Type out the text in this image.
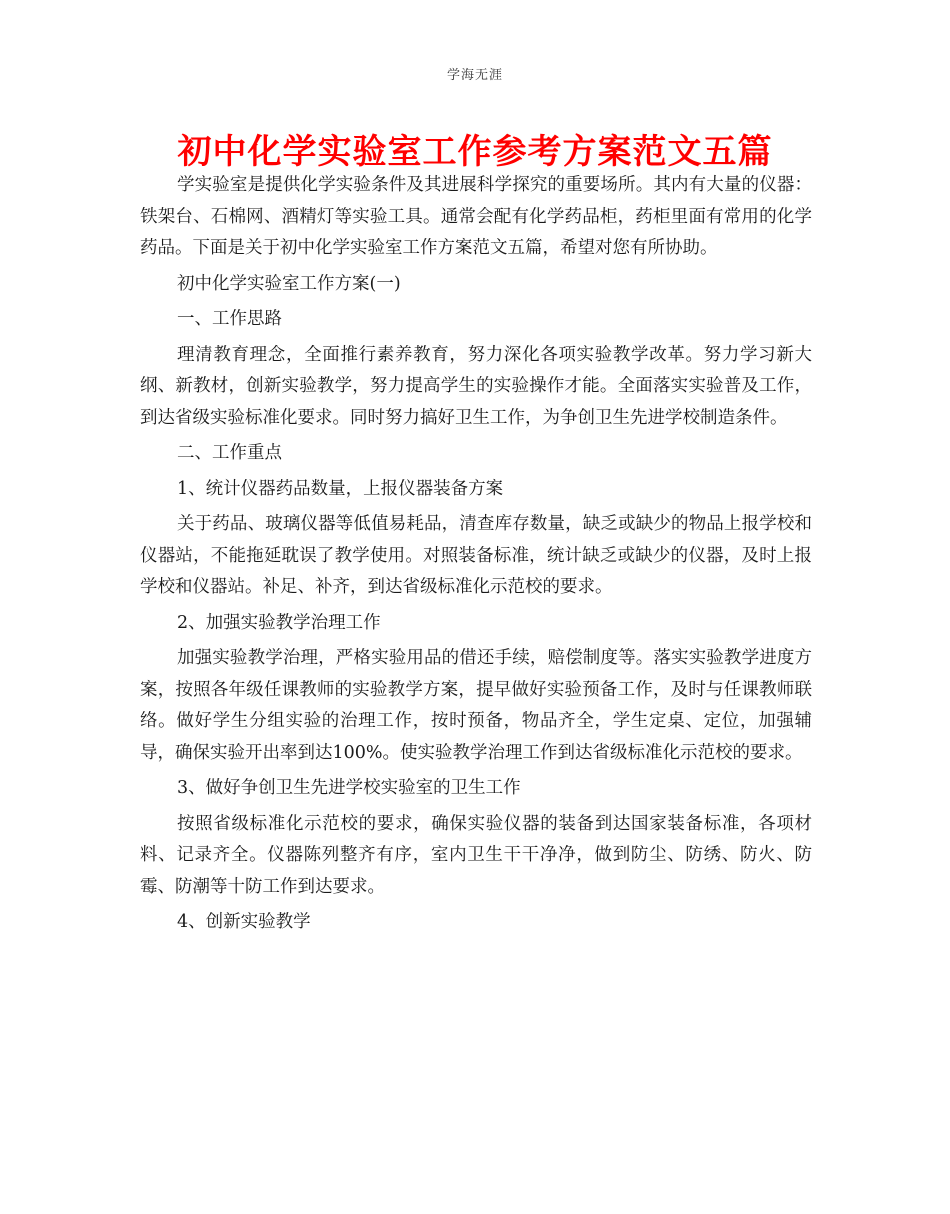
学海无涯
初中化学实验室工作参考方案范文五篇

学实验室是提供化学实验条件及其进展科学探究的重要场所。其内有大量的仪器：铁架台、石棉网、酒精灯等实验工具。通常会配有化学药品柜，药柜里面有常用的化学药品。下面是关于初中化学实验室工作方案范文五篇，希望对您有所协助。

初中化学实验室工作方案(一)

一、工作思路

理清教育理念，全面推行素养教育，努力深化各项实验教学改革。努力学习新大纲、新教材，创新实验教学，努力提高学生的实验操作才能。全面落实实验普及工作，到达省级实验标准化要求。同时努力搞好卫生工作，为争创卫生先进学校制造条件。

二、工作重点

1、统计仪器药品数量，上报仪器装备方案

关于药品、玻璃仪器等低值易耗品，清查库存数量，缺乏或缺少的物品上报学校和仪器站，不能拖延耽误了教学使用。对照装备标准，统计缺乏或缺少的仪器，及时上报学校和仪器站。补足、补齐，到达省级标准化示范校的要求。

2、加强实验教学治理工作

加强实验教学治理，严格实验用品的借还手续，赔偿制度等。落实实验教学进度方案，按照各年级任课教师的实验教学方案，提早做好实验预备工作，及时与任课教师联络。做好学生分组实验的治理工作，按时预备，物品齐全，学生定桌、定位，加强辅导，确保实验开出率到达100%。使实验教学治理工作到达省级标准化示范校的要求。

3、做好争创卫生先进学校实验室的卫生工作

按照省级标准化示范校的要求，确保实验仪器的装备到达国家装备标准，各项材料、记录齐全。仪器陈列整齐有序，室内卫生干干净净，做到防尘、防绣、防火、防霉、防潮等十防工作到达要求。

4、创新实验教学
